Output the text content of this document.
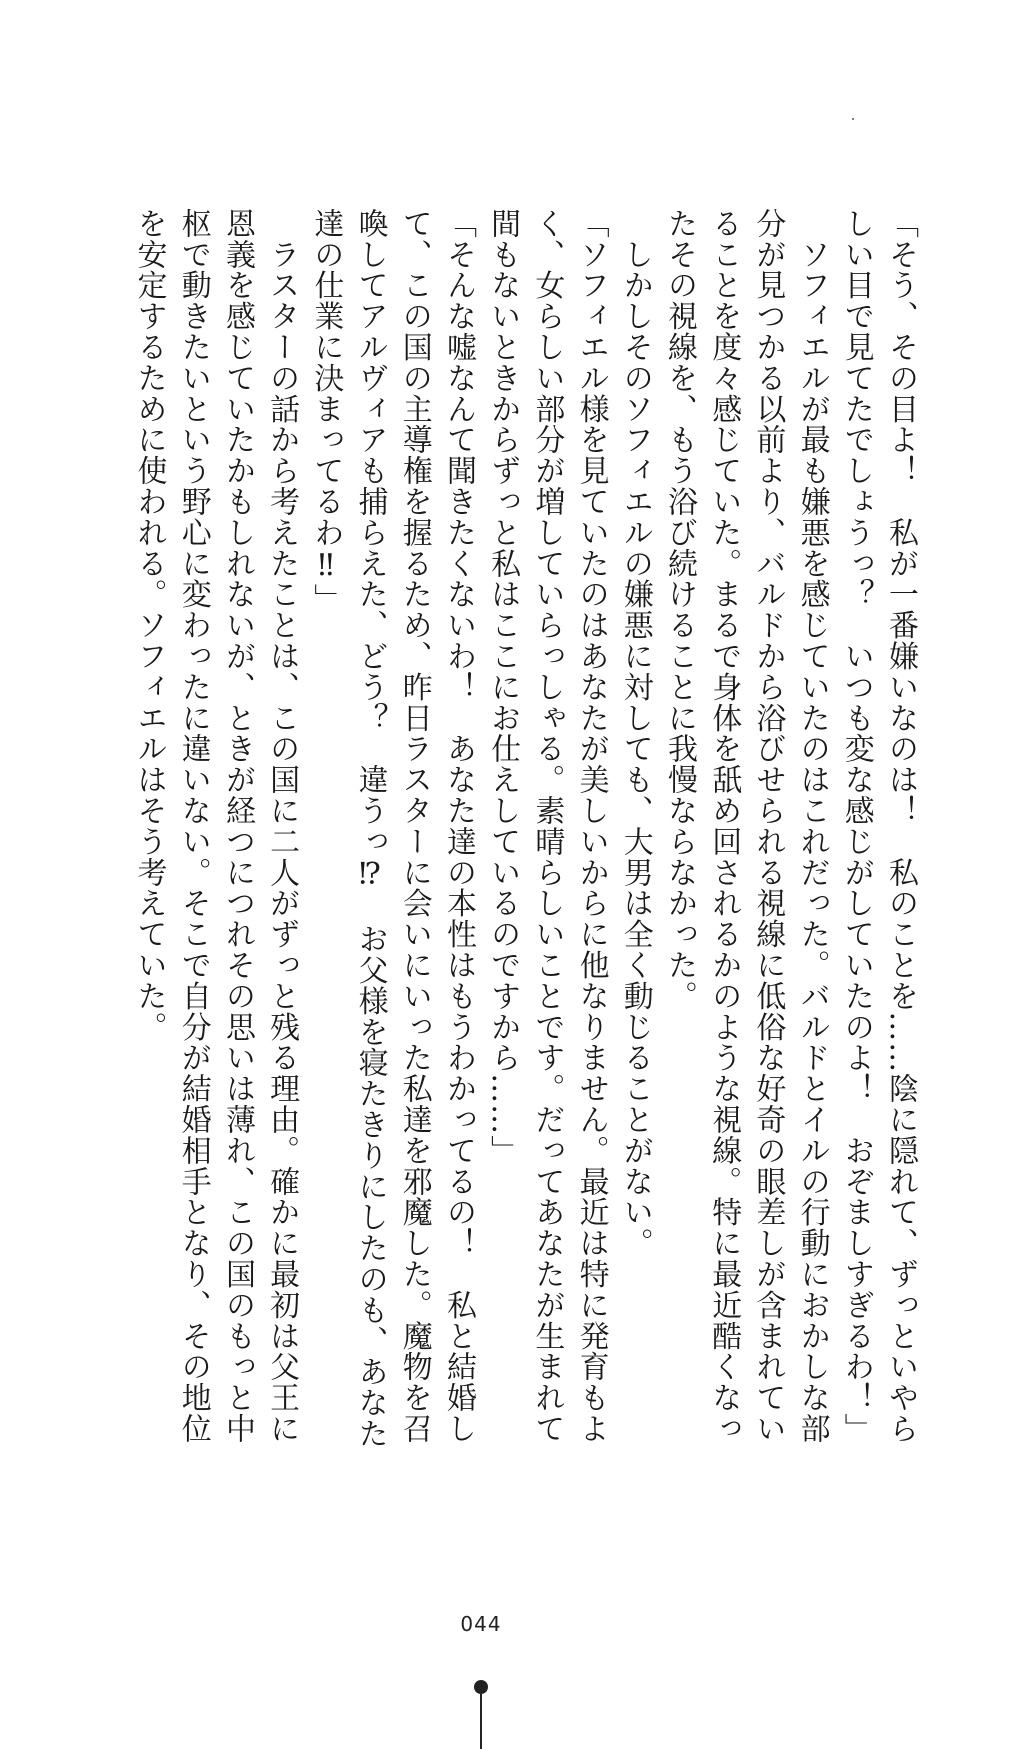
「そう、その目よ！　私が一番嫌いなのは！　私のことを……陰に隠れて、ずっといやら

しい目で見てたでしょうっ？　いつも変な感じがしていたのよ！　おぞましすぎるわ！」

　ソフィエルが最も嫌悪を感じていたのはこれだった。バルドとイルの行動におかしな部

分が見つかる以前より、バルドから浴びせられる視線に低俗な好奇の眼差しが含まれてい

ることを度々感じていた。まるで身体を舐め回されるかのような視線。特に最近酷くなっ

たその視線を、もう浴び続けることに我慢ならなかった。

　しかしそのソフィエルの嫌悪に対しても、大男は全く動じることがない。

「ソフィエル様を見ていたのはあなたが美しいからに他なりません。最近は特に発育もよ

く、女らしい部分が増していらっしゃる。素晴らしいことです。だってあなたが生まれて

間もないときからずっと私はここにお仕えしているのですから……」

「そんな嘘なんて聞きたくないわ！　あなた達の本性はもうわかってるの！　私と結婚し

て、この国の主導権を握るため、昨日ラスターに会いにいった私達を邪魔した。魔物を召

喚してアルヴィアも捕らえた、どう？　違うっ⁉　お父様を寝たきりにしたのも、あなた

達の仕業に決まってるわ‼」

　ラスターの話から考えたことは、この国に二人がずっと残る理由。確かに最初は父王に

恩義を感じていたかもしれないが、ときが経つにつれその思いは薄れ、この国のもっと中

枢で動きたいという野心に変わったに違いない。そこで自分が結婚相手となり、その地位

を安定するために使われる。ソフィエルはそう考えていた。

044
